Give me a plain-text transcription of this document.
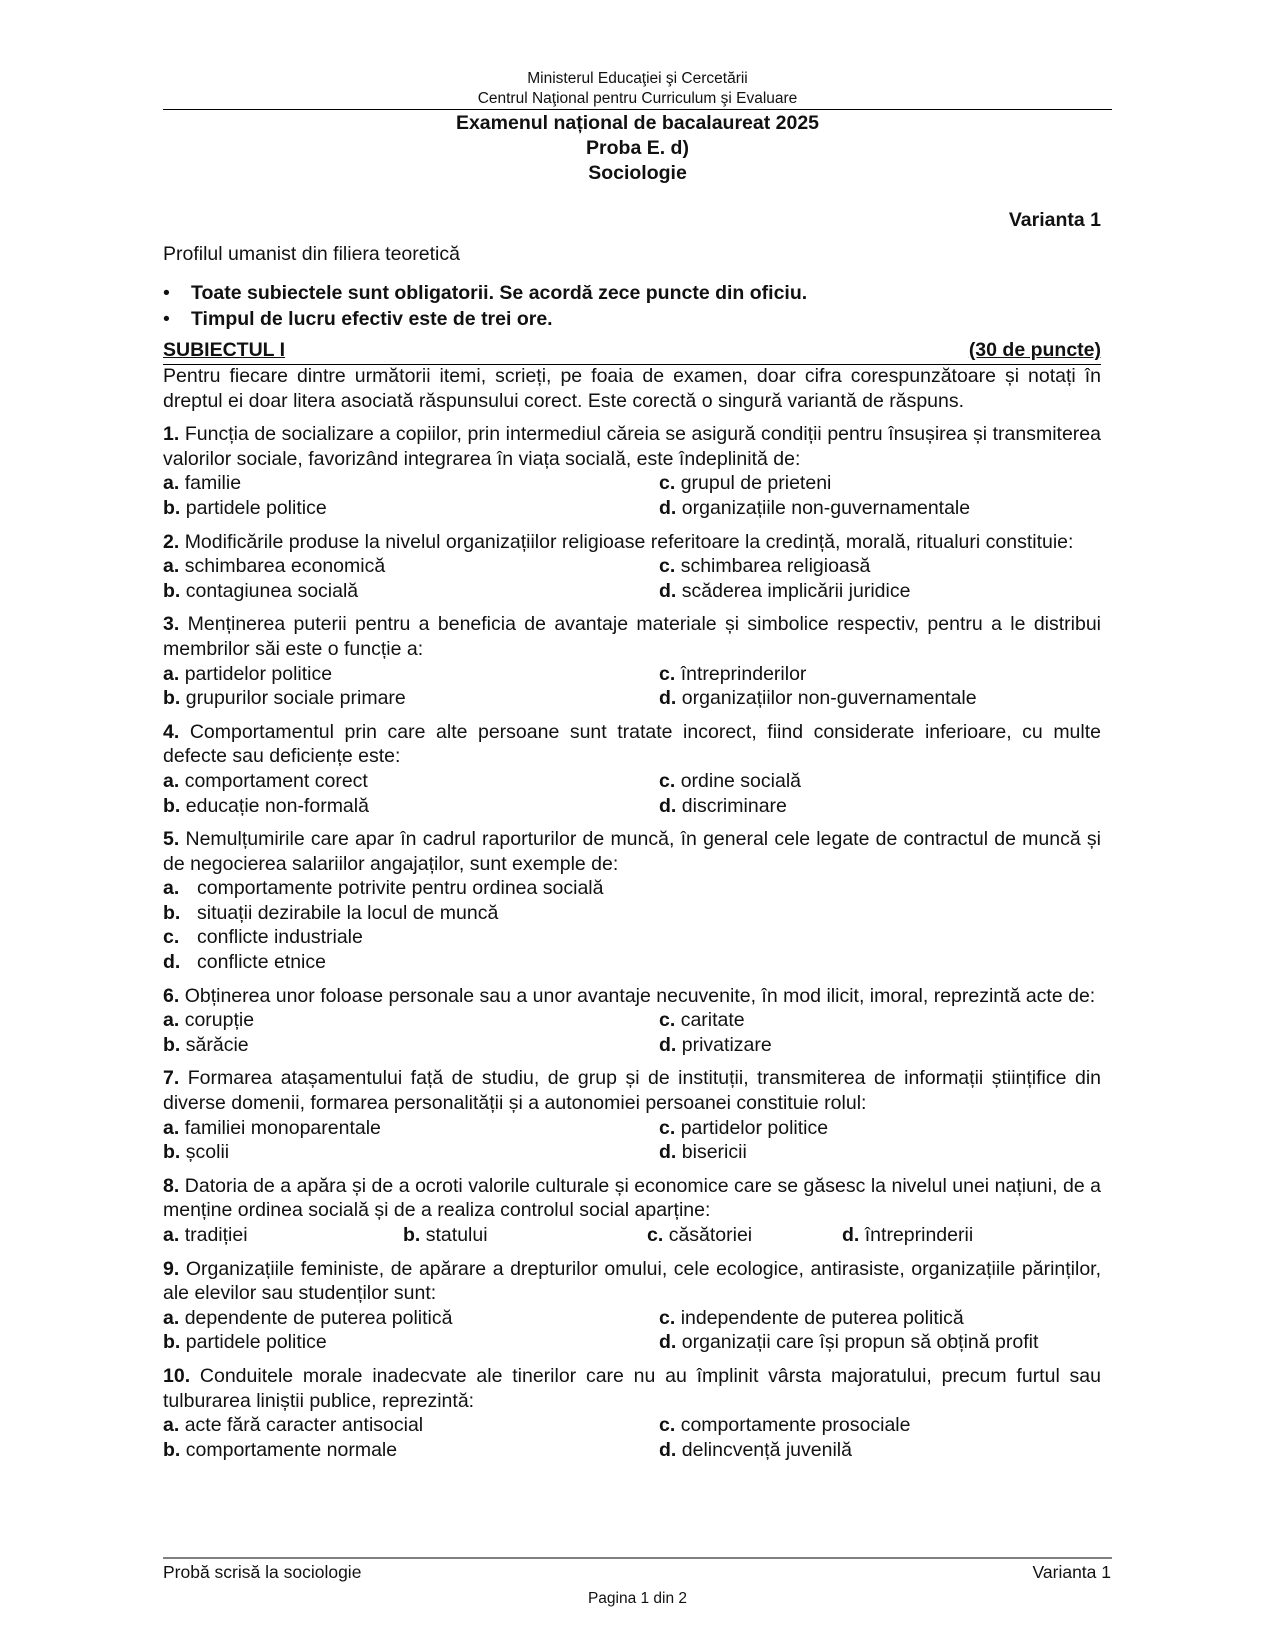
Ministerul Educaţiei şi Cercetării
Centrul Naţional pentru Curriculum şi Evaluare
Examenul național de bacalaureat 2025
Proba E. d)
Sociologie
Varianta 1
Profilul umanist din filiera teoretică
• Toate subiectele sunt obligatorii. Se acordă zece puncte din oficiu.
• Timpul de lucru efectiv este de trei ore.
SUBIECTUL I	(30 de puncte)

Pentru fiecare dintre următorii itemi, scrieți, pe foaia de examen, doar cifra corespunzătoare și notați în dreptul ei doar litera asociată răspunsului corect. Este corectă o singură variantă de răspuns.

1. Funcția de socializare a copiilor, prin intermediul căreia se asigură condiții pentru însușirea și transmiterea valorilor sociale, favorizând integrarea în viața socială, este îndeplinită de:

a. familie	c. grupul de prieteni
b. partidele politice	d. organizațiile non-guvernamentale

2. Modificările produse la nivelul organizațiilor religioase referitoare la credință, morală, ritualuri constituie:

a. schimbarea economică	c. schimbarea religioasă
b. contagiunea socială	d. scăderea implicării juridice

3. Menținerea puterii pentru a beneficia de avantaje materiale și simbolice respectiv, pentru a le distribui membrilor săi este o funcție a:

a. partidelor politice	c. întreprinderilor
b. grupurilor sociale primare	d. organizațiilor non-guvernamentale

4. Comportamentul prin care alte persoane sunt tratate incorect, fiind considerate inferioare, cu multe defecte sau deficiențe este:

a. comportament corect	c. ordine socială
b. educație non-formală	d. discriminare

5. Nemulțumirile care apar în cadrul raporturilor de muncă, în general cele legate de contractul de muncă și de negocierea salariilor angajaților, sunt exemple de:

a. comportamente potrivite pentru ordinea socială
b. situații dezirabile la locul de muncă
c. conflicte industriale
d. conflicte etnice

6. Obținerea unor foloase personale sau a unor avantaje necuvenite, în mod ilicit, imoral, reprezintă acte de:

a. corupție	c. caritate
b. sărăcie	d. privatizare

7. Formarea atașamentului față de studiu, de grup și de instituții, transmiterea de informații științifice din diverse domenii, formarea personalității și a autonomiei persoanei constituie rolul:

a. familiei monoparentale	c. partidelor politice
b. școlii	d. bisericii

8. Datoria de a apăra și de a ocroti valorile culturale și economice care se găsesc la nivelul unei națiuni, de a menține ordinea socială și de a realiza controlul social aparține:

a. tradiției	b. statului	c. căsătoriei	d. întreprinderii

9. Organizațiile feministe, de apărare a drepturilor omului, cele ecologice, antirasiste, organizațiile părinților, ale elevilor sau studenților sunt:

a. dependente de puterea politică	c. independente de puterea politică
b. partidele politice	d. organizații care își propun să obțină profit

10. Conduitele morale inadecvate ale tinerilor care nu au împlinit vârsta majoratului, precum furtul sau tulburarea liniștii publice, reprezintă:

a. acte fără caracter antisocial	c. comportamente prosociale
b. comportamente normale	d. delincvență juvenilă
Probă scrisă la sociologie	Varianta 1
Pagina 1 din 2
